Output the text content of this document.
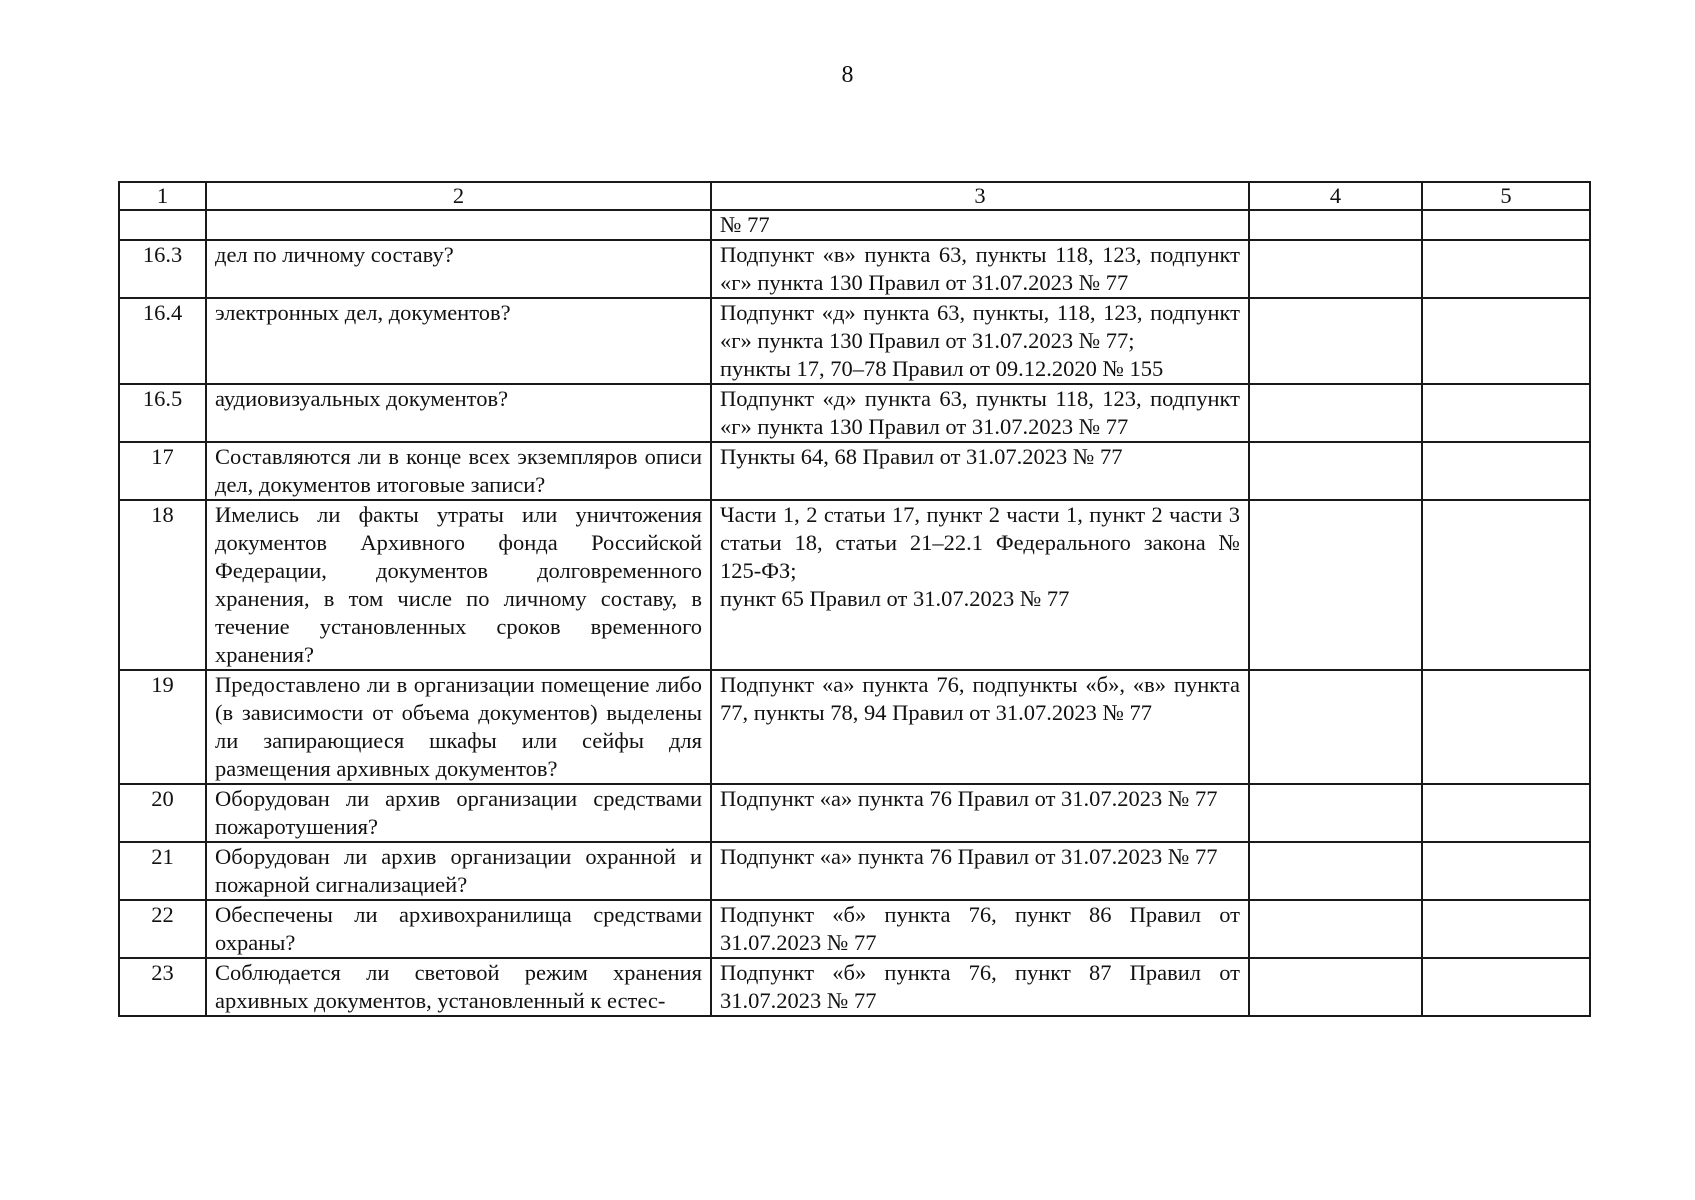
8
1	2	3	4	5

		№ 77		

16.3	дел по личному составу?	Подпункт «в» пункта 63, пункты 118, 123, подпункт «г» пункта 130 Правил от 31.07.2023 № 77		

16.4	электронных дел, документов?	Подпункт «д» пункта 63, пункты, 118, 123, подпункт «г» пункта 130 Правил от 31.07.2023 № 77;
пункты 17, 70–78 Правил от 09.12.2020 № 155		

16.5	аудиовизуальных документов?	Подпункт «д» пункта 63, пункты 118, 123, подпункт «г» пункта 130 Правил от 31.07.2023 № 77		

17	Составляются ли в конце всех экземпляров описи дел, документов итоговые записи?	Пункты 64, 68 Правил от 31.07.2023 № 77		

18	Имелись ли факты утраты или уничтожения документов Архивного фонда Российской Федерации, документов долговременного хранения, в том числе по личному составу, в течение установленных сроков временного хранения?	Части 1, 2 статьи 17, пункт 2 части 1, пункт 2 части 3 статьи 18, статьи 21–22.1 Федерального закона № 125-ФЗ;
пункт 65 Правил от 31.07.2023 № 77		

19	Предоставлено ли в организации помещение либо (в зависимости от объема документов) выделены ли запирающиеся шкафы или сейфы для размещения архивных документов?	Подпункт «а» пункта 76, подпункты «б», «в» пункта 77, пункты 78, 94 Правил от 31.07.2023 № 77		

20	Оборудован ли архив организации средствами пожаротушения?	Подпункт «а» пункта 76 Правил от 31.07.2023 № 77		

21	Оборудован ли архив организации охранной и пожарной сигнализацией?	Подпункт «а» пункта 76 Правил от 31.07.2023 № 77		

22	Обеспечены ли архивохранилища средствами охраны?	Подпункт «б» пункта 76, пункт 86 Правил от 31.07.2023 № 77		

23	Соблюдается ли световой режим хранения архивных документов, установленный к естес-	Подпункт «б» пункта 76, пункт 87 Правил от 31.07.2023 № 77		
